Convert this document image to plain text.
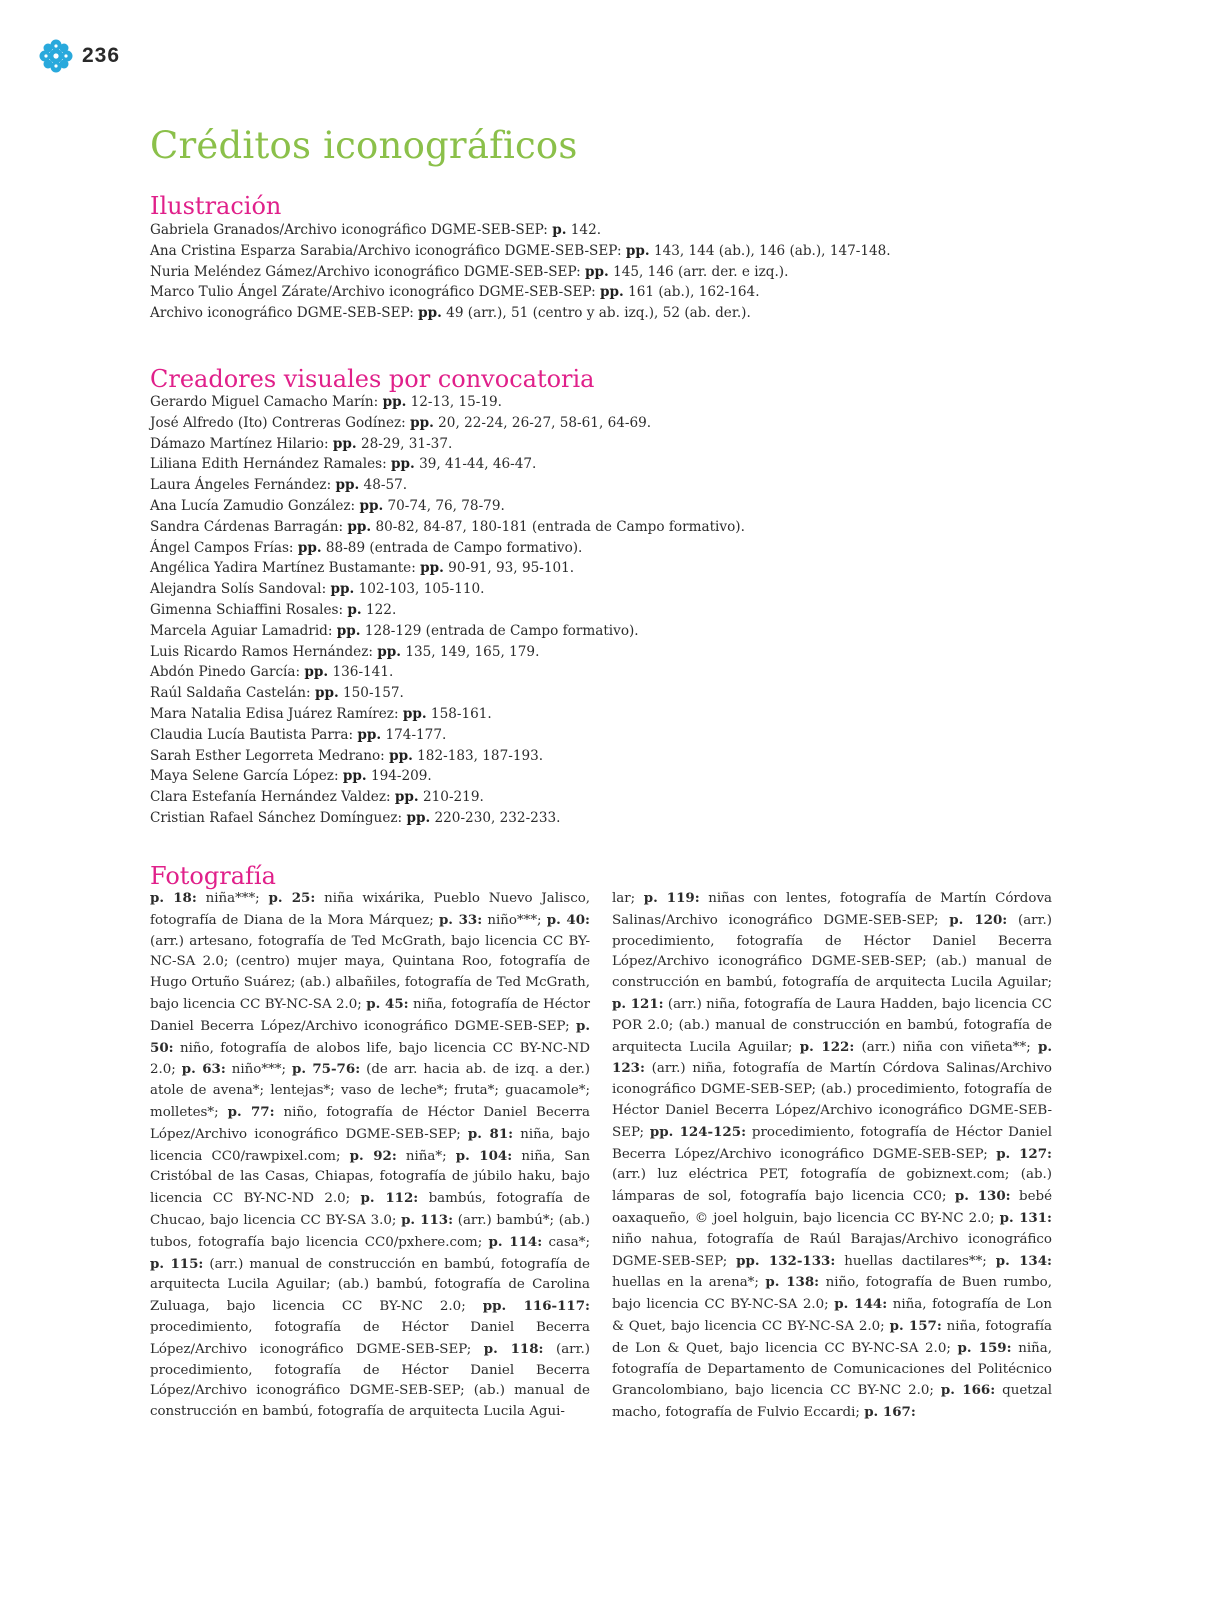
236
Créditos iconográficos
Ilustración
Gabriela Granados/Archivo iconográfico DGME-SEB-SEP: p. 142.
Ana Cristina Esparza Sarabia/Archivo iconográfico DGME-SEB-SEP: pp. 143, 144 (ab.), 146 (ab.), 147-148.
Nuria Meléndez Gámez/Archivo iconográfico DGME-SEB-SEP: pp. 145, 146 (arr. der. e izq.).
Marco Tulio Ángel Zárate/Archivo iconográfico DGME-SEB-SEP: pp. 161 (ab.), 162-164.
Archivo iconográfico DGME-SEB-SEP: pp. 49 (arr.), 51 (centro y ab. izq.), 52 (ab. der.).
Creadores visuales por convocatoria
Gerardo Miguel Camacho Marín: pp. 12-13, 15-19.
José Alfredo (Ito) Contreras Godínez: pp. 20, 22-24, 26-27, 58-61, 64-69.
Dámazo Martínez Hilario: pp. 28-29, 31-37.
Liliana Edith Hernández Ramales: pp. 39, 41-44, 46-47.
Laura Ángeles Fernández: pp. 48-57.
Ana Lucía Zamudio González: pp. 70-74, 76, 78-79.
Sandra Cárdenas Barragán: pp. 80-82, 84-87, 180-181 (entrada de Campo formativo).
Ángel Campos Frías: pp. 88-89 (entrada de Campo formativo).
Angélica Yadira Martínez Bustamante: pp. 90-91, 93, 95-101.
Alejandra Solís Sandoval: pp. 102-103, 105-110.
Gimenna Schiaffini Rosales: p. 122.
Marcela Aguiar Lamadrid: pp. 128-129 (entrada de Campo formativo).
Luis Ricardo Ramos Hernández: pp. 135, 149, 165, 179.
Abdón Pinedo García: pp. 136-141.
Raúl Saldaña Castelán: pp. 150-157.
Mara Natalia Edisa Juárez Ramírez: pp. 158-161.
Claudia Lucía Bautista Parra: pp. 174-177.
Sarah Esther Legorreta Medrano: pp. 182-183, 187-193.
Maya Selene García López: pp. 194-209.
Clara Estefanía Hernández Valdez: pp. 210-219.
Cristian Rafael Sánchez Domínguez: pp. 220-230, 232-233.
Fotografía

p. 18: niña***; p. 25: niña wixárika, Pueblo Nuevo Jalisco, fotografía de Diana de la Mora Márquez; p. 33: niño***; p. 40: (arr.) artesano, fotografía de Ted McGrath, bajo licencia CC BY-NC-SA 2.0; (centro) mujer maya, Quintana Roo, fotografía de Hugo Ortuño Suárez; (ab.) albañiles, fotografía de Ted McGrath, bajo licencia CC BY-NC-SA 2.0; p. 45: niña, fotografía de Héctor Daniel Becerra López/Archivo iconográfico DGME-SEB-SEP; p. 50: niño, fotografía de alobos life, bajo licencia CC BY-NC-ND 2.0; p. 63: niño***; p. 75-76: (de arr. hacia ab. de izq. a der.) atole de avena*; lentejas*; vaso de leche*; fruta*; guacamole*; molletes*; p. 77: niño, fotografía de Héctor Daniel Becerra López/Archivo iconográfico DGME-SEB-SEP; p. 81: niña, bajo licencia CC0/rawpixel.com; p. 92: niña*; p. 104: niña, San Cristóbal de las Casas, Chiapas, fotografía de júbilo haku, bajo licencia CC BY-NC-ND 2.0; p. 112: bambús, fotografía de Chucao, bajo licencia CC BY-SA 3.0; p. 113: (arr.) bambú*; (ab.) tubos, fotografía bajo licencia CC0/pxhere.com; p. 114: casa*; p. 115: (arr.) manual de construcción en bambú, fotografía de arquitecta Lucila Aguilar; (ab.) bambú, fotografía de Carolina Zuluaga, bajo licencia CC BY-NC 2.0; pp. 116-117: procedimiento, fotografía de Héctor Daniel Becerra López/Archivo iconográfico DGME-SEB-SEP; p. 118: (arr.) procedimiento, fotografía de Héctor Daniel Becerra López/Archivo iconográfico DGME-SEB-SEP; (ab.) manual de construcción en bambú, fotografía de arquitecta Lucila Agui-

lar; p. 119: niñas con lentes, fotografía de Martín Córdova Salinas/Archivo iconográfico DGME-SEB-SEP; p. 120: (arr.) procedimiento, fotografía de Héctor Daniel Becerra López/Archivo iconográfico DGME-SEB-SEP; (ab.) manual de construcción en bambú, fotografía de arquitecta Lucila Aguilar; p. 121: (arr.) niña, fotografía de Laura Hadden, bajo licencia CC POR 2.0; (ab.) manual de construcción en bambú, fotografía de arquitecta Lucila Aguilar; p. 122: (arr.) niña con viñeta**; p. 123: (arr.) niña, fotografía de Martín Córdova Salinas/Archivo iconográfico DGME-SEB-SEP; (ab.) procedimiento, fotografía de Héctor Daniel Becerra López/Archivo iconográfico DGME-SEB-SEP; pp. 124-125: procedimiento, fotografía de Héctor Daniel Becerra López/Archivo iconográfico DGME-SEB-SEP; p. 127: (arr.) luz eléctrica PET, fotografía de gobiznext.com; (ab.) lámparas de sol, fotografía bajo licencia CC0; p. 130: bebé oaxaqueño, © joel holguin, bajo licencia CC BY-NC 2.0; p. 131: niño nahua, fotografía de Raúl Barajas/Archivo iconográfico DGME-SEB-SEP; pp. 132-133: huellas dactilares**; p. 134: huellas en la arena*; p. 138: niño, fotografía de Buen rumbo, bajo licencia CC BY-NC-SA 2.0; p. 144: niña, fotografía de Lon & Quet, bajo licencia CC BY-NC-SA 2.0; p. 157: niña, fotografía de Lon & Quet, bajo licencia CC BY-NC-SA 2.0; p. 159: niña, fotografía de Departamento de Comunicaciones del Politécnico Grancolombiano, bajo licencia CC BY-NC 2.0; p. 166: quetzal macho, fotografía de Fulvio Eccardi; p. 167:
